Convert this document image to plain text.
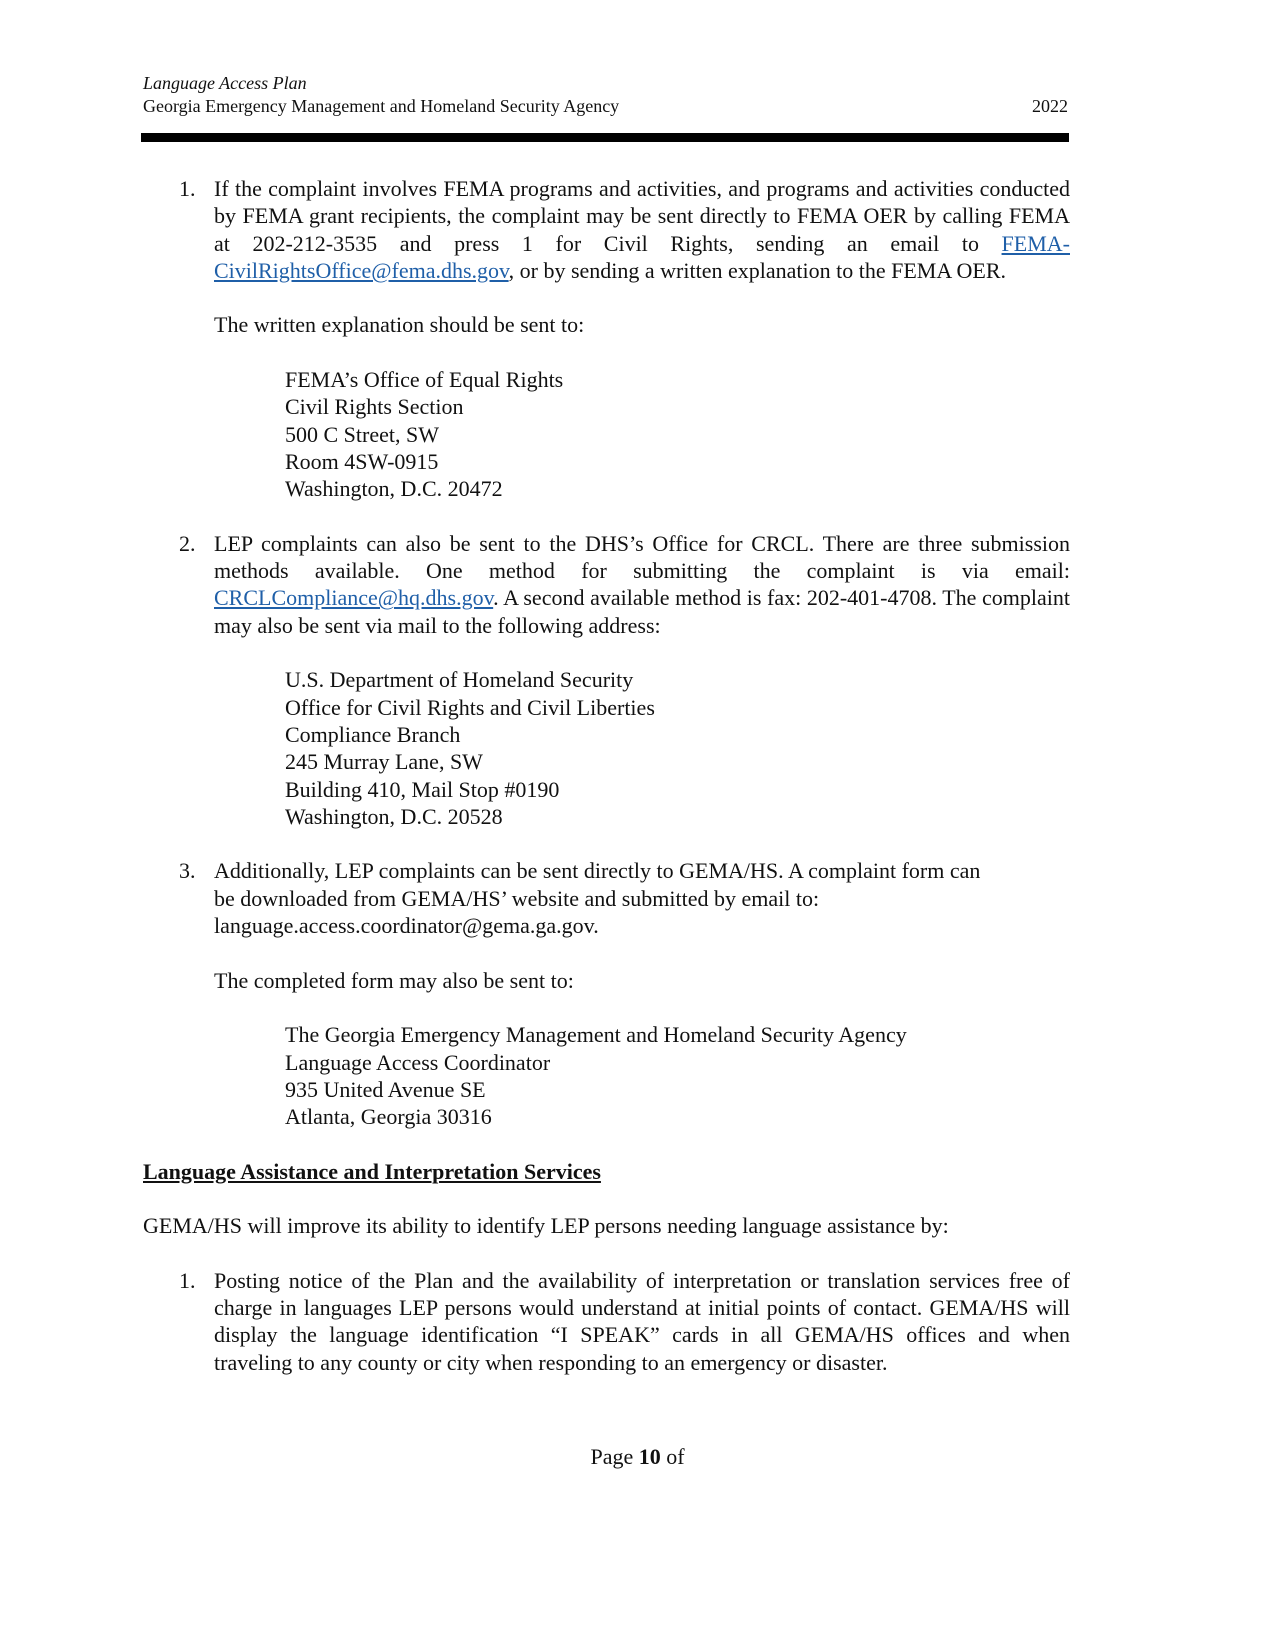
Language Access Plan
Georgia Emergency Management and Homeland Security Agency	2022
1. If the complaint involves FEMA programs and activities, and programs and activities conducted by FEMA grant recipients, the complaint may be sent directly to FEMA OER by calling FEMA at 202-212-3535 and press 1 for Civil Rights, sending an email to FEMA-CivilRightsOffice@fema.dhs.gov, or by sending a written explanation to the FEMA OER.
The written explanation should be sent to:
FEMA’s Office of Equal Rights
Civil Rights Section
500 C Street, SW
Room 4SW-0915
Washington, D.C. 20472
2. LEP complaints can also be sent to the DHS’s Office for CRCL. There are three submission methods available. One method for submitting the complaint is via email: CRCLCompliance@hq.dhs.gov. A second available method is fax: 202-401-4708. The complaint may also be sent via mail to the following address:
U.S. Department of Homeland Security
Office for Civil Rights and Civil Liberties
Compliance Branch
245 Murray Lane, SW
Building 410, Mail Stop #0190
Washington, D.C. 20528
3. Additionally, LEP complaints can be sent directly to GEMA/HS. A complaint form can
be downloaded from GEMA/HS’ website and submitted by email to:
language.access.coordinator@gema.ga.gov.
The completed form may also be sent to:
The Georgia Emergency Management and Homeland Security Agency
Language Access Coordinator
935 United Avenue SE
Atlanta, Georgia 30316
Language Assistance and Interpretation Services
GEMA/HS will improve its ability to identify LEP persons needing language assistance by:
1. Posting notice of the Plan and the availability of interpretation or translation services free of charge in languages LEP persons would understand at initial points of contact. GEMA/HS will display the language identification “I SPEAK” cards in all GEMA/HS offices and when traveling to any county or city when responding to an emergency or disaster.
Page 10 of
